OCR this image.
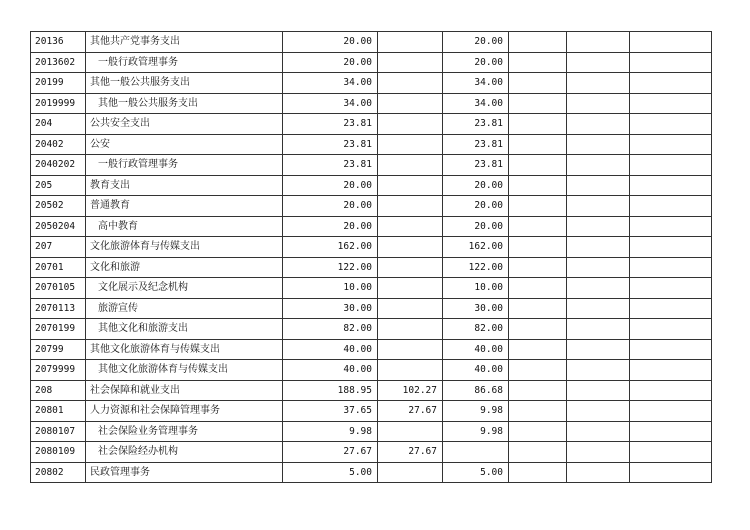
20136	其他共产党事务支出	20.00		20.00			
2013602	一般行政管理事务	20.00		20.00			
20199	其他一般公共服务支出	34.00		34.00			
2019999	其他一般公共服务支出	34.00		34.00			
204	公共安全支出	23.81		23.81			
20402	公安	23.81		23.81			
2040202	一般行政管理事务	23.81		23.81			
205	教育支出	20.00		20.00			
20502	普通教育	20.00		20.00			
2050204	高中教育	20.00		20.00			
207	文化旅游体育与传媒支出	162.00		162.00			
20701	文化和旅游	122.00		122.00			
2070105	文化展示及纪念机构	10.00		10.00			
2070113	旅游宣传	30.00		30.00			
2070199	其他文化和旅游支出	82.00		82.00			
20799	其他文化旅游体育与传媒支出	40.00		40.00			
2079999	其他文化旅游体育与传媒支出	40.00		40.00			
208	社会保障和就业支出	188.95	102.27	86.68			
20801	人力资源和社会保障管理事务	37.65	27.67	9.98			
2080107	社会保险业务管理事务	9.98		9.98			
2080109	社会保险经办机构	27.67	27.67				
20802	民政管理事务	5.00		5.00			
